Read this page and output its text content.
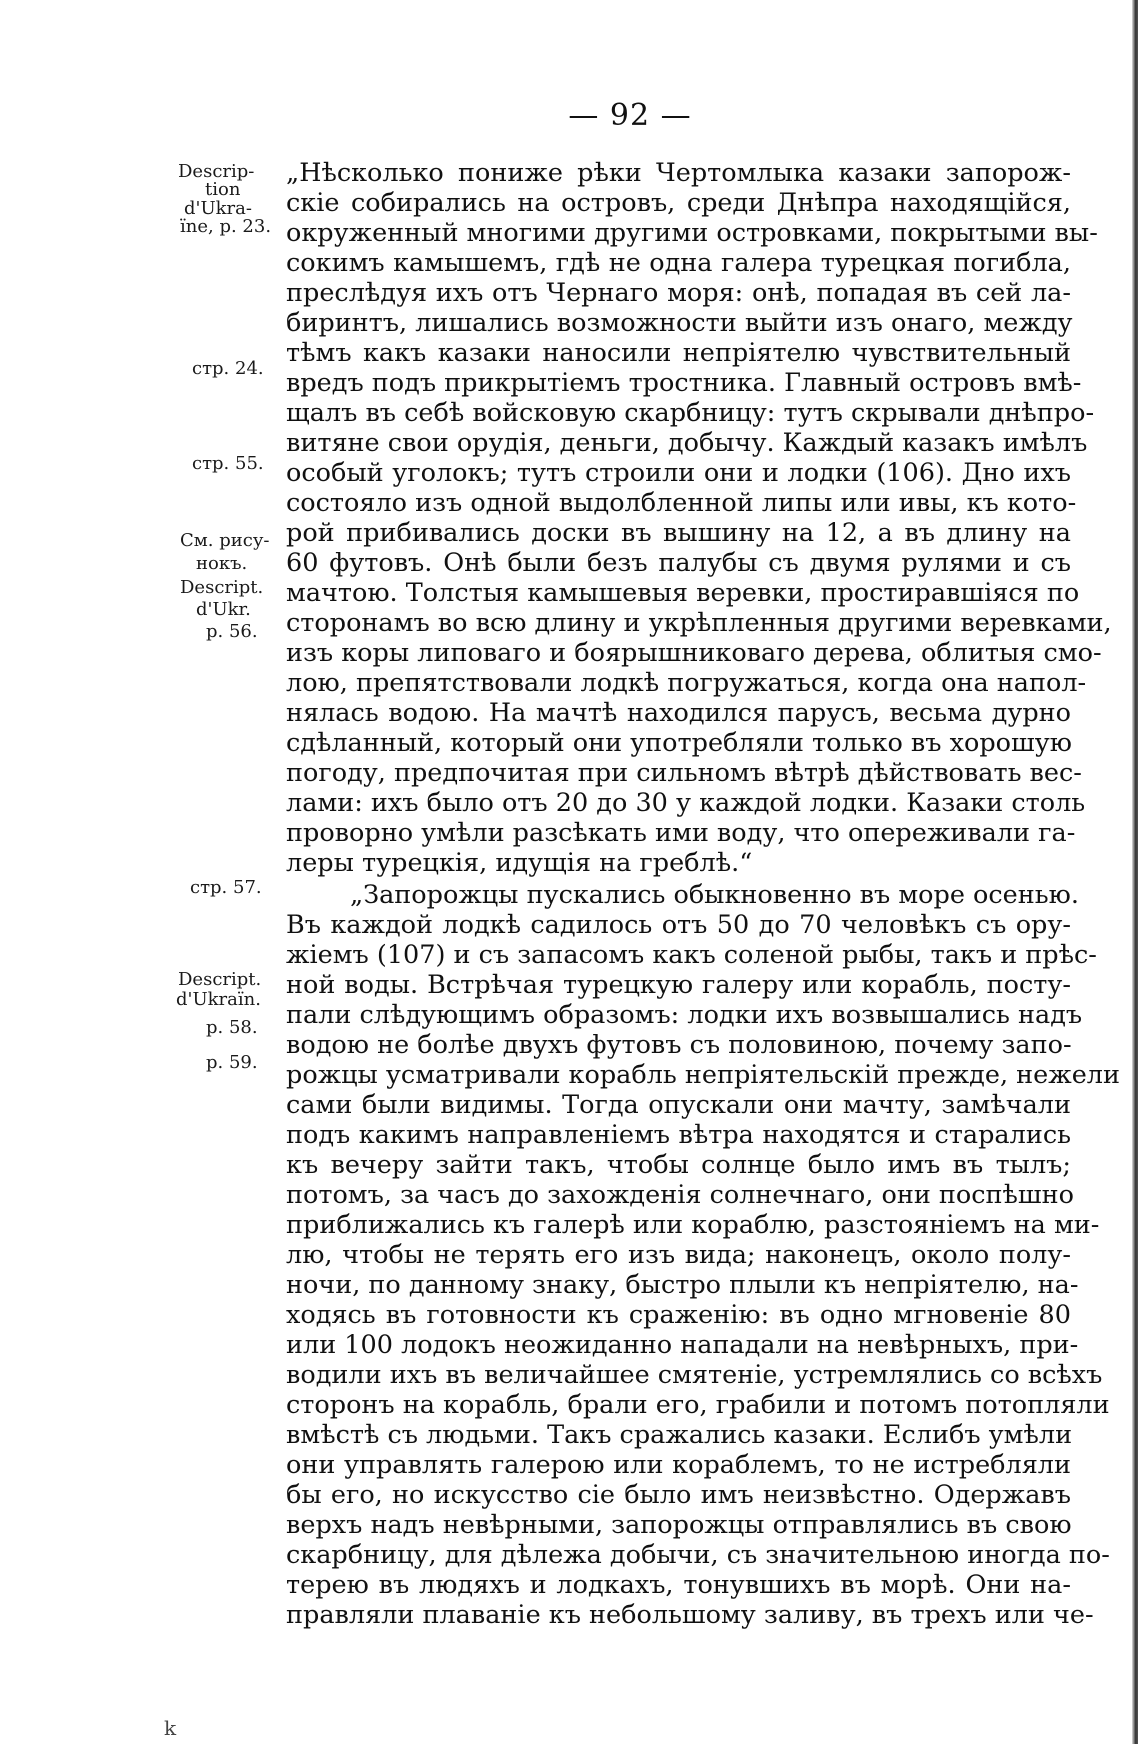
— 92 —
Descrip-
tion
d'Ukra-
ïne, p. 23.
стр. 24.
стр. 55.
См. рису-
нокъ.
Descript.
d'Ukr.
p. 56.
стр. 57.
Descript.
d'Ukraïn.
p. 58.
p. 59.
„Нѣсколько пониже рѣки Чертомлыка казаки запорож-
скіе собирались на островъ, среди Днѣпра находящійся,
окруженный многими другими островками, покрытыми вы-
сокимъ камышемъ, гдѣ не одна галера турецкая погибла,
преслѣдуя ихъ отъ Чернаго моря: онѣ, попадая въ сей ла-
биринтъ, лишались возможности выйти изъ онаго, между
тѣмъ какъ казаки наносили непріятелю чувствительный
вредъ подъ прикрытіемъ тростника. Главный островъ вмѣ-
щалъ въ себѣ войсковую скарбницу: тутъ скрывали днѣпро-
витяне свои орудія, деньги, добычу. Каждый казакъ имѣлъ
особый уголокъ; тутъ строили они и лодки (106). Дно ихъ
состояло изъ одной выдолбленной липы или ивы, къ кото-
рой прибивались доски въ вышину на 12, а въ длину на
60 футовъ. Онѣ были безъ палубы съ двумя рулями и съ
мачтою. Толстыя камышевыя веревки, простиравшіяся по
сторонамъ во всю длину и укрѣпленныя другими веревками,
изъ коры липоваго и боярышниковаго дерева, облитыя смо-
лою, препятствовали лодкѣ погружаться, когда она напол-
нялась водою. На мачтѣ находился парусъ, весьма дурно
сдѣланный, который они употребляли только въ хорошую
погоду, предпочитая при сильномъ вѣтрѣ дѣйствовать вес-
лами: ихъ было отъ 20 до 30 у каждой лодки. Казаки столь
проворно умѣли разсѣкать ими воду, что опереживали га-
леры турецкія, идущія на греблѣ.“
„Запорожцы пускались обыкновенно въ море осенью.
Въ каждой лодкѣ садилось отъ 50 до 70 человѣкъ съ ору-
жіемъ (107) и съ запасомъ какъ соленой рыбы, такъ и прѣс-
ной воды. Встрѣчая турецкую галеру или корабль, посту-
пали слѣдующимъ образомъ: лодки ихъ возвышались надъ
водою не болѣе двухъ футовъ съ половиною, почему запо-
рожцы усматривали корабль непріятельскій прежде, нежели
сами были видимы. Тогда опускали они мачту, замѣчали
подъ какимъ направленіемъ вѣтра находятся и старались
къ вечеру зайти такъ, чтобы солнце было имъ въ тылъ;
потомъ, за часъ до захожденія солнечнаго, они поспѣшно
приближались къ галерѣ или кораблю, разстояніемъ на ми-
лю, чтобы не терять его изъ вида; наконецъ, около полу-
ночи, по данному знаку, быстро плыли къ непріятелю, на-
ходясь въ готовности къ сраженію: въ одно мгновеніе 80
или 100 лодокъ неожиданно нападали на невѣрныхъ, при-
водили ихъ въ величайшее смятеніе, устремлялись со всѣхъ
сторонъ на корабль, брали его, грабили и потомъ потопляли
вмѣстѣ съ людьми. Такъ сражались казаки. Еслибъ умѣли
они управлять галерою или кораблемъ, то не истребляли
бы его, но искусство сіе было имъ неизвѣстно. Одержавъ
верхъ надъ невѣрными, запорожцы отправлялись въ свою
скарбницу, для дѣлежа добычи, съ значительною иногда по-
терею въ людяхъ и лодкахъ, тонувшихъ въ морѣ. Они на-
правляли плаваніе къ небольшому заливу, въ трехъ или че-
k
